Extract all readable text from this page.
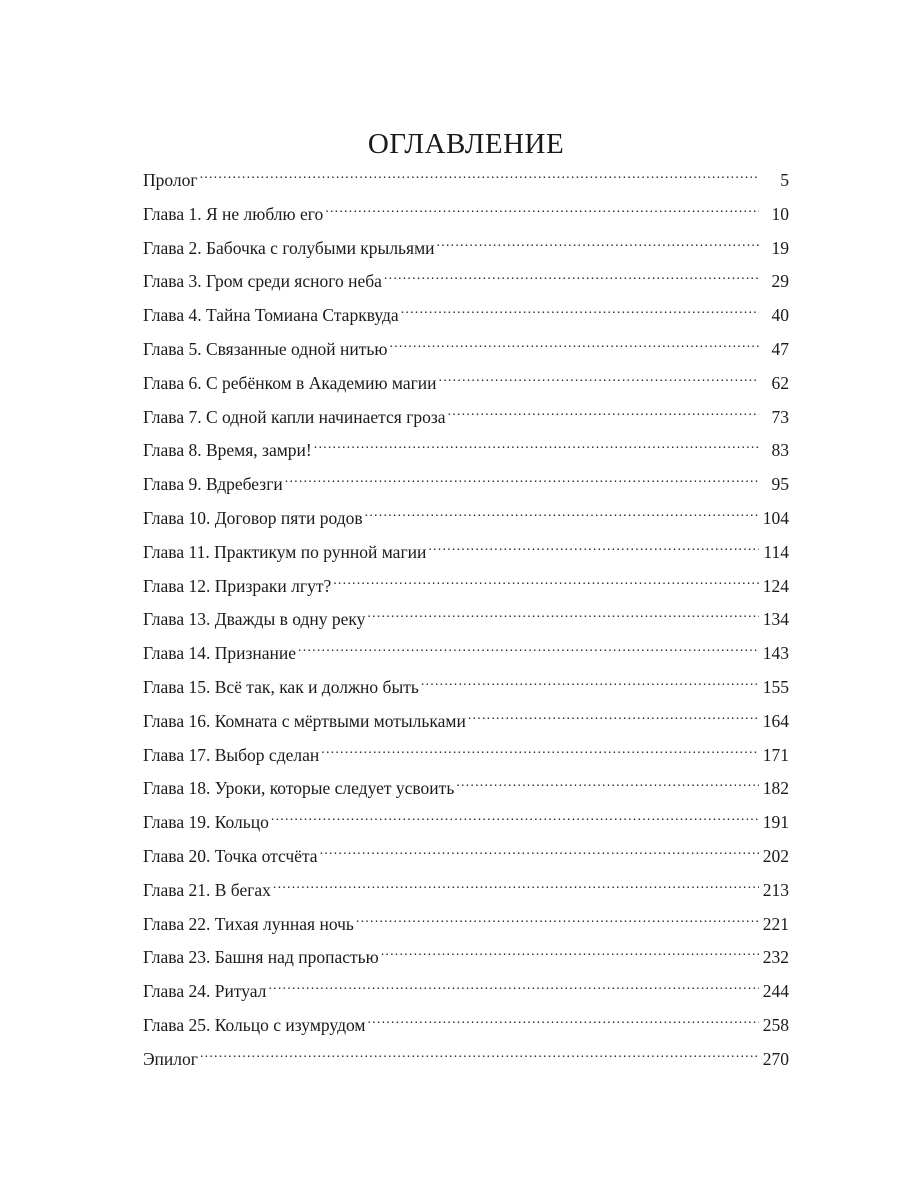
ОГЛАВЛЕНИЕ
Пролог .....	5
Глава 1. Я не люблю его .....	10
Глава 2. Бабочка с голубыми крыльями .....	19
Глава 3. Гром среди ясного неба .....	29
Глава 4. Тайна Томиана Старквуда .....	40
Глава 5. Связанные одной нитью .....	47
Глава 6. С ребёнком в Академию магии .....	62
Глава 7. С одной капли начинается гроза .....	73
Глава 8. Время, замри! .....	83
Глава 9. Вдребезги .....	95
Глава 10. Договор пяти родов .....	104
Глава 11. Практикум по рунной магии .....	114
Глава 12. Призраки лгут? .....	124
Глава 13. Дважды в одну реку .....	134
Глава 14. Признание .....	143
Глава 15. Всё так, как и должно быть .....	155
Глава 16. Комната с мёртвыми мотыльками .....	164
Глава 17. Выбор сделан .....	171
Глава 18. Уроки, которые следует усвоить .....	182
Глава 19. Кольцо .....	191
Глава 20. Точка отсчёта .....	202
Глава 21. В бегах .....	213
Глава 22. Тихая лунная ночь .....	221
Глава 23. Башня над пропастью .....	232
Глава 24. Ритуал .....	244
Глава 25. Кольцо с изумрудом .....	258
Эпилог .....	270
